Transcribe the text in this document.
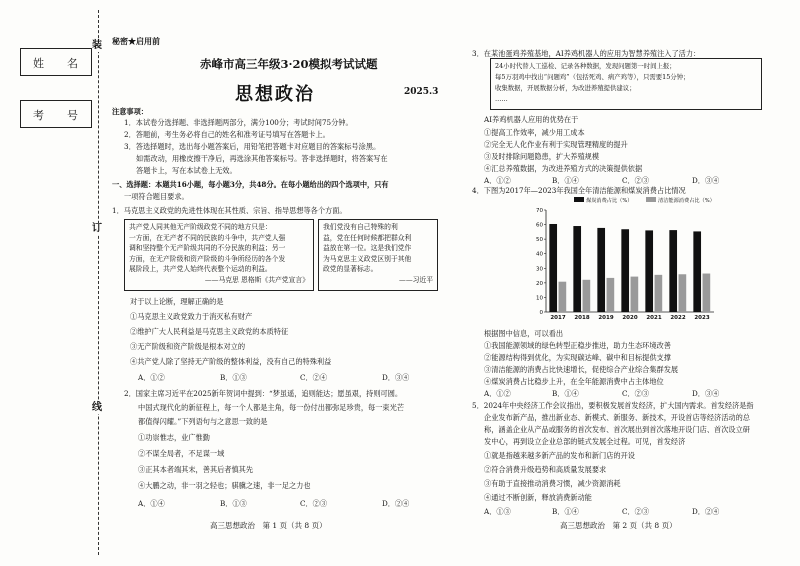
装
订
线
姓 名
考 号
秘密★启用前
赤峰市高三年级3·20模拟考试试题
思想政治	2025.3
注意事项：
1．本试卷分选择题、非选择题两部分，满分100分；考试时间75分钟。
2．答题前，考生务必将自己的姓名和准考证号填写在答题卡上。
3．答选择题时，选出每小题答案后，用铅笔把答题卡对应题目的答案标号涂黑。
如需改动，用橡皮擦干净后，再选涂其他答案标号。答非选择题时，将答案写在
答题卡上，写在本试卷上无效。
一、选择题：本题共16小题，每小题3分，共48分。在每小题给出的四个选项中，只有
一项符合题目要求。
1．马克思主义政党的先进性体现在其性质、宗旨、指导思想等各个方面。
共产党人同其他无产阶级政党不同的地方只是：
一方面，在无产者不同的民族的斗争中，共产党人强
调和坚持整个无产阶级共同的不分民族的利益；另一
方面，在无产阶级和资产阶级的斗争所经历的各个发
展阶段上，共产党人始终代表整个运动的利益。
——马克思 恩格斯《共产党宣言》
我们党没有自己特殊的利
益，党在任何时候都把群众利
益放在第一位。这是我们党作
为马克思主义政党区别于其他
政党的显著标志。
——习近平
对于以上论断，理解正确的是
①马克思主义政党致力于消灭私有财产
②维护广大人民利益是马克思主义政党的本质特征
③无产阶级和资产阶级是根本对立的
④共产党人除了坚持无产阶级的整体利益，没有自己的特殊利益
A．①②	B．①③	C．②④	D．③④
2．国家主席习近平在2025新年贺词中提到：“梦虽遥，追则能达；愿虽艰，持则可圆。
中国式现代化的新征程上，每一个人都是主角，每一份付出都弥足珍贵，每一束光芒
都值得闪耀。”下列语句与之意思一致的是
①功崇惟志，业广惟勤
②不谋全局者，不足谋一域
③正其本者端其末，善其后者慎其先
④大鹏之动，非一羽之轻也；骐骥之速，非一足之力也
A．①④	B．①③	C．②③	D．②④
高三思想政治　第 1 页（共 8 页）
3．在某池蛋鸡养殖基地，AI养鸡机器人的应用为智慧养殖注入了活力：
24小时代替人工巡检、记录各种数据，发现问题第一时间上报；
每5万羽鸡中找出“问题鸡”（包括死鸡、病产鸡等），只需要15分钟；
收集数据，开展数据分析，为改进养殖提供建议；
……
AI养鸡机器人应用的优势在于
①提高工作效率，减少用工成本
②完全无人化作业有利于实现管理精度的提升
③及时排除问题隐患，扩大养殖规模
④汇总养殖数据，为改进养殖方式的决策提供依据
A．①②	B．①④	C．②③	D．③④
4．下图为2017年—2023年我国全年清洁能源和煤炭消费占比情况
煤炭消费占比（%）	清洁能源消费占比（%）
0
10
20
30
40
50
60
70
2017 2018 2019 2020 2021 2022 2023
根据图中信息，可以看出
①我国能源领域的绿色转型正稳步推进，助力生态环境改善
②能源结构得到优化，为实现碳达峰、碳中和目标提供支撑
③清洁能源的消费占比快速增长，促使综合产业综合集群发展
④煤炭消费占比稳步上升，在全年能源消费中占主体地位
A．①②	B．①④	C．②③	D．③④
5．2024年中央经济工作会议指出，要积极发展首发经济，扩大国内需求。首发经济是指
企业发布新产品，推出新业态、新模式、新服务、新技术，开设首店等经济活动的总
称，涵盖企业从产品或服务的首次发布、首次展出到首次落地开设门店、首次设立研
发中心，再到设立企业总部的链式发展全过程。可见，首发经济
①就是指越来越多新产品的发布和新门店的开设
②符合消费升级趋势和高质量发展要求
③有助于直接推动消费习惯，减少资源消耗
④通过不断创新，释放消费新动能
A．①③	B．①④	C．②③	D．②④
高三思想政治　第 2 页（共 8 页）
